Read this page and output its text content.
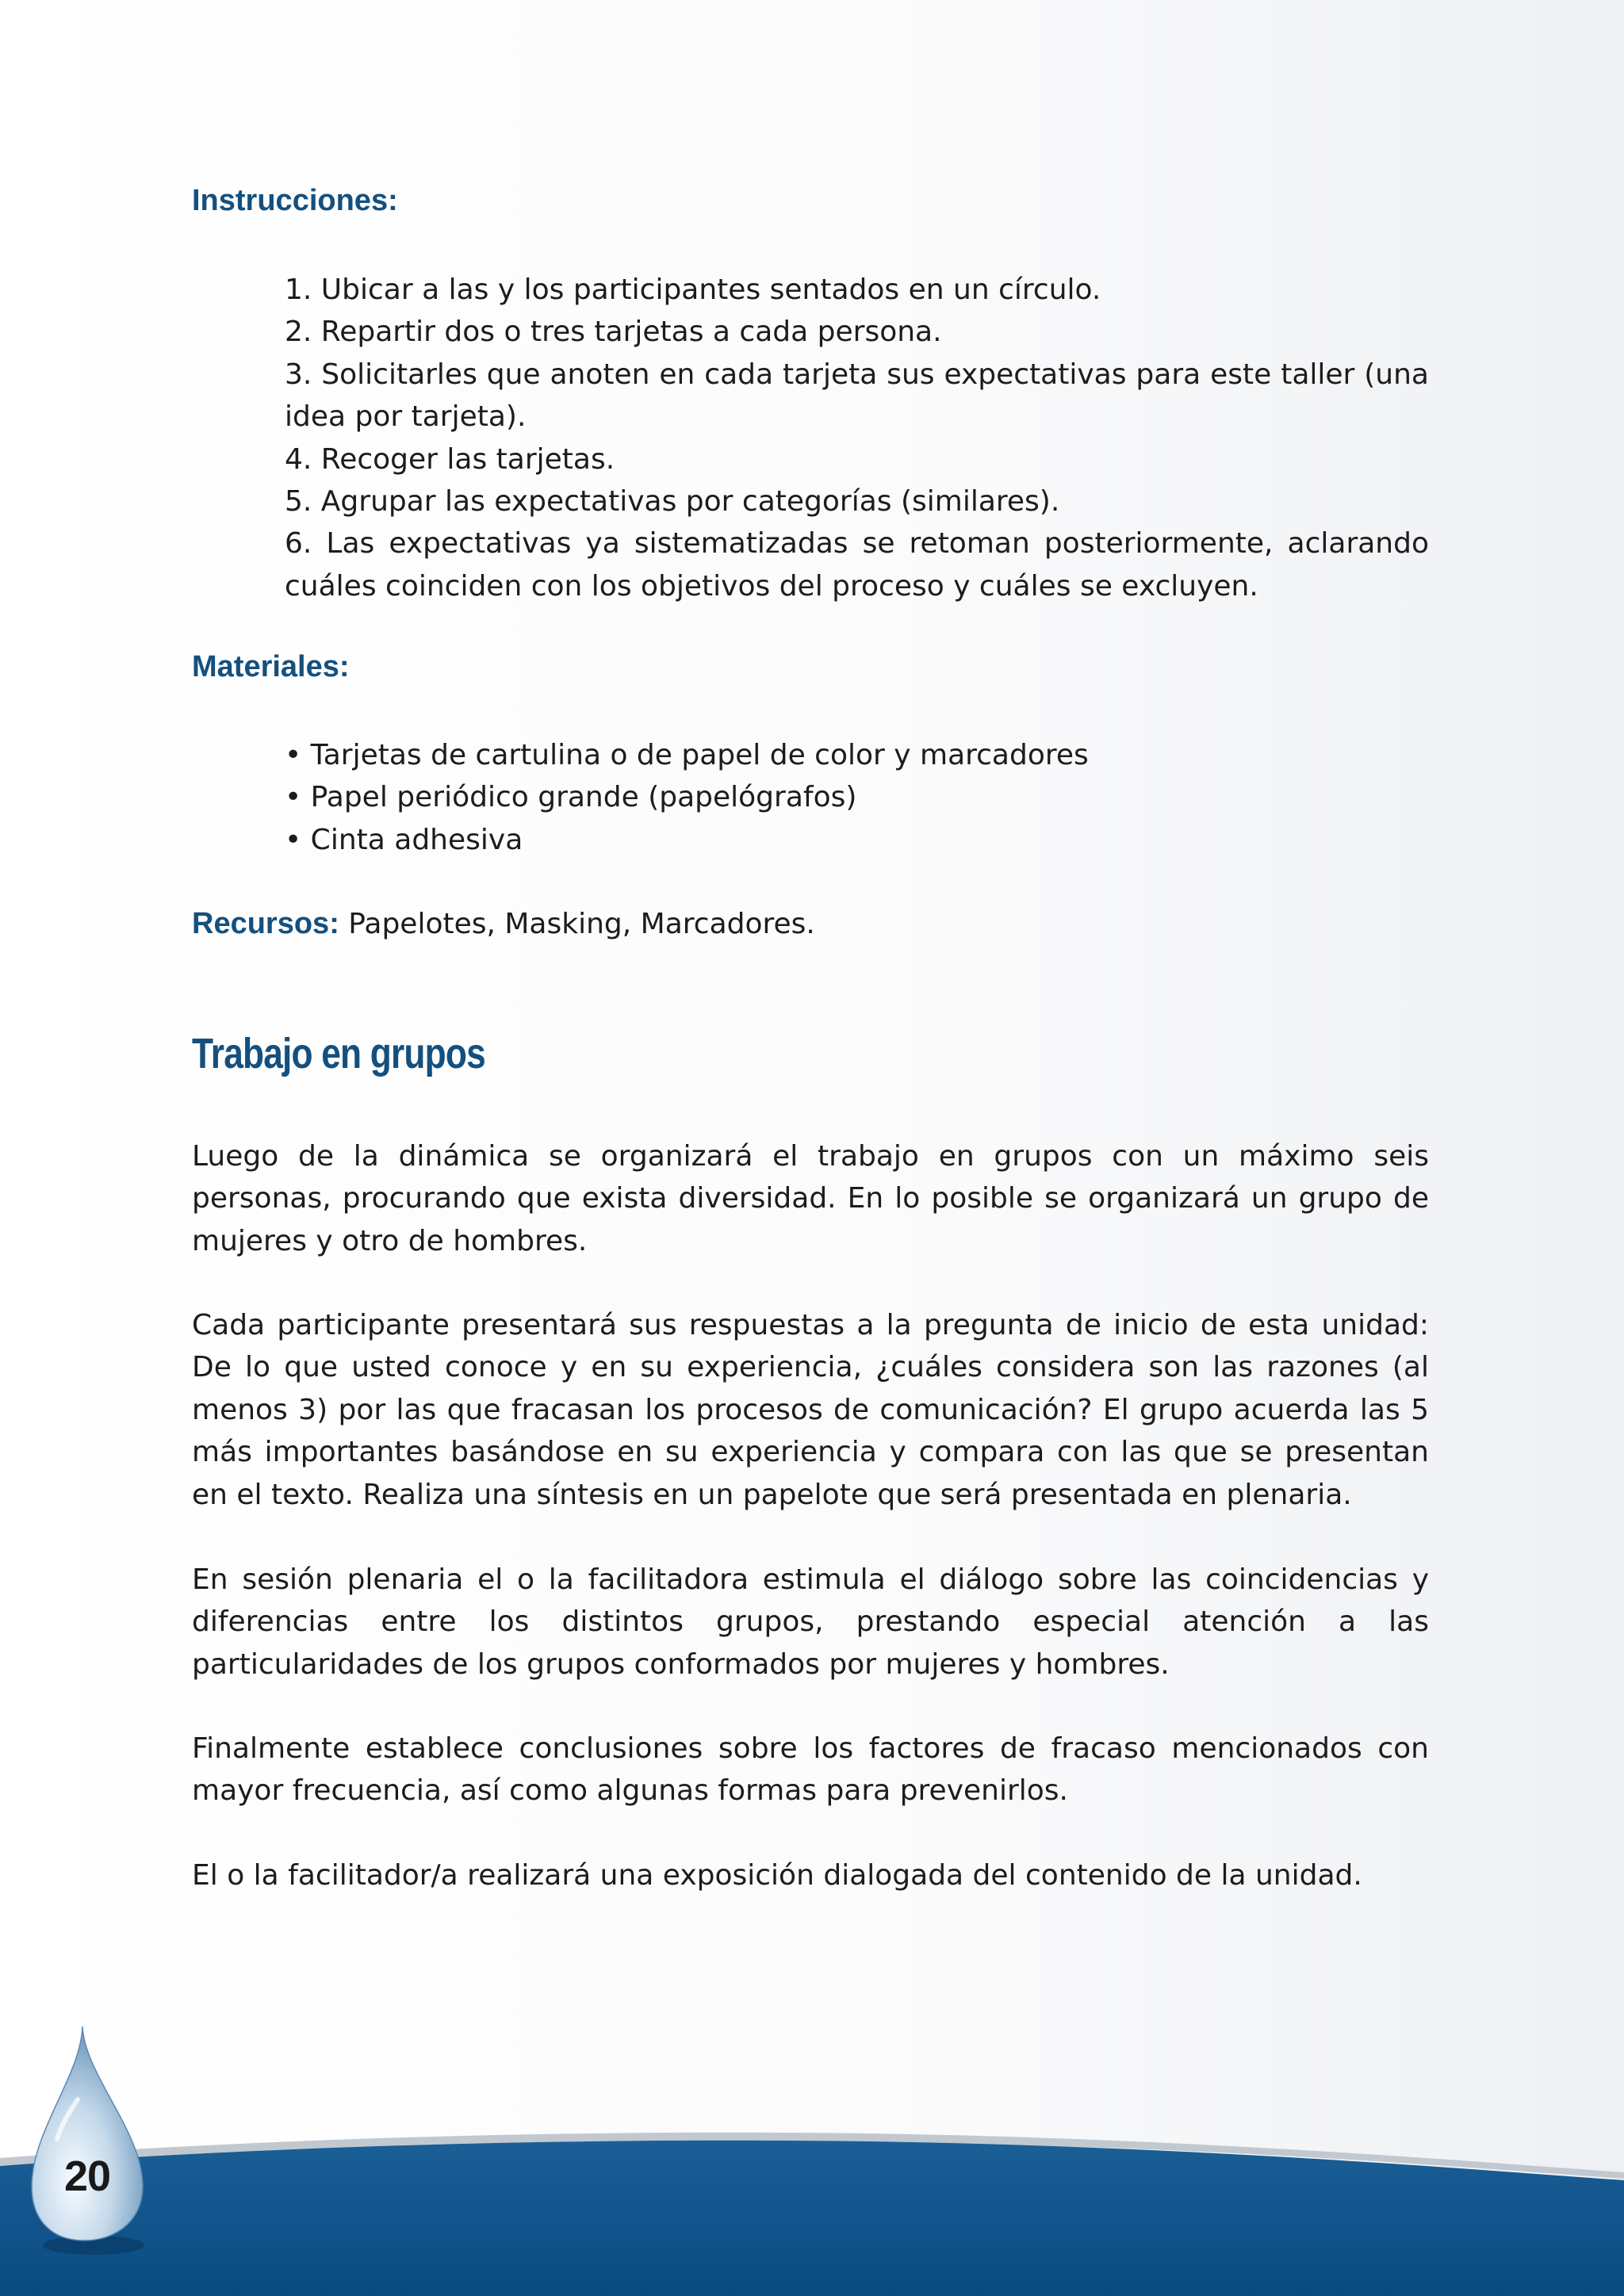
Instrucciones:
1. Ubicar a las y los participantes sentados en un círculo.
2. Repartir dos o tres tarjetas a cada persona.
3. Solicitarles que anoten en cada tarjeta sus expectativas para este taller (una idea por tarjeta).
4. Recoger las tarjetas.
5. Agrupar las expectativas por categorías (similares).
6. Las expectativas ya sistematizadas se retoman posteriormente, aclarando cuáles coinciden con los objetivos del proceso y cuáles se excluyen.
Materiales:
• Tarjetas de cartulina o de papel de color y marcadores
• Papel periódico grande (papelógrafos)
• Cinta adhesiva
Recursos: Papelotes, Masking, Marcadores.
Trabajo en grupos

Luego de la dinámica se organizará el trabajo en grupos con un máximo seis personas, procurando que exista diversidad. En lo posible se organizará un grupo de mujeres y otro de hombres.

Cada participante presentará sus respuestas a la pregunta de inicio de esta unidad: De lo que usted conoce y en su experiencia, ¿cuáles considera son las razones (al menos 3) por las que fracasan los procesos de comunicación? El grupo acuerda las 5 más importantes basándose en su experiencia y compara con las que se presentan en el texto. Realiza una síntesis en un papelote que será presentada en plenaria.

En sesión plenaria el o la facilitadora estimula el diálogo sobre las coincidencias y diferencias entre los distintos grupos, prestando especial atención a las particularidades de los grupos conformados por mujeres y hombres.

Finalmente establece conclusiones sobre los factores de fracaso mencionados con mayor frecuencia, así como algunas formas para prevenirlos.

El o la facilitador/a realizará una exposición dialogada del contenido de la unidad.

20
